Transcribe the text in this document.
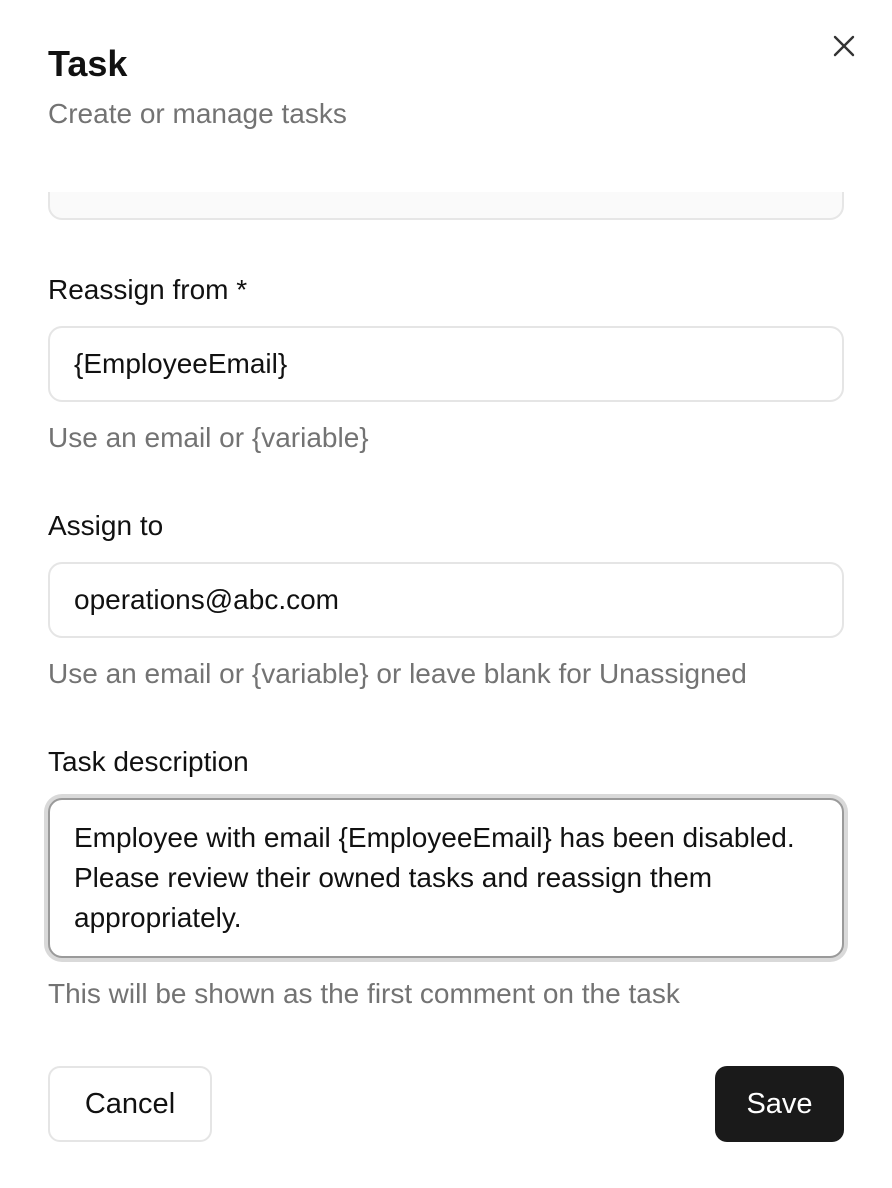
Task
Create or manage tasks
Reassign from *
{EmployeeEmail}
Use an email or {variable}
Assign to
operations@abc.com
Use an email or {variable} or leave blank for Unassigned
Task description
Employee with email {EmployeeEmail} has been disabled. Please review their owned tasks and reassign them appropriately.
This will be shown as the first comment on the task
Cancel	Save
